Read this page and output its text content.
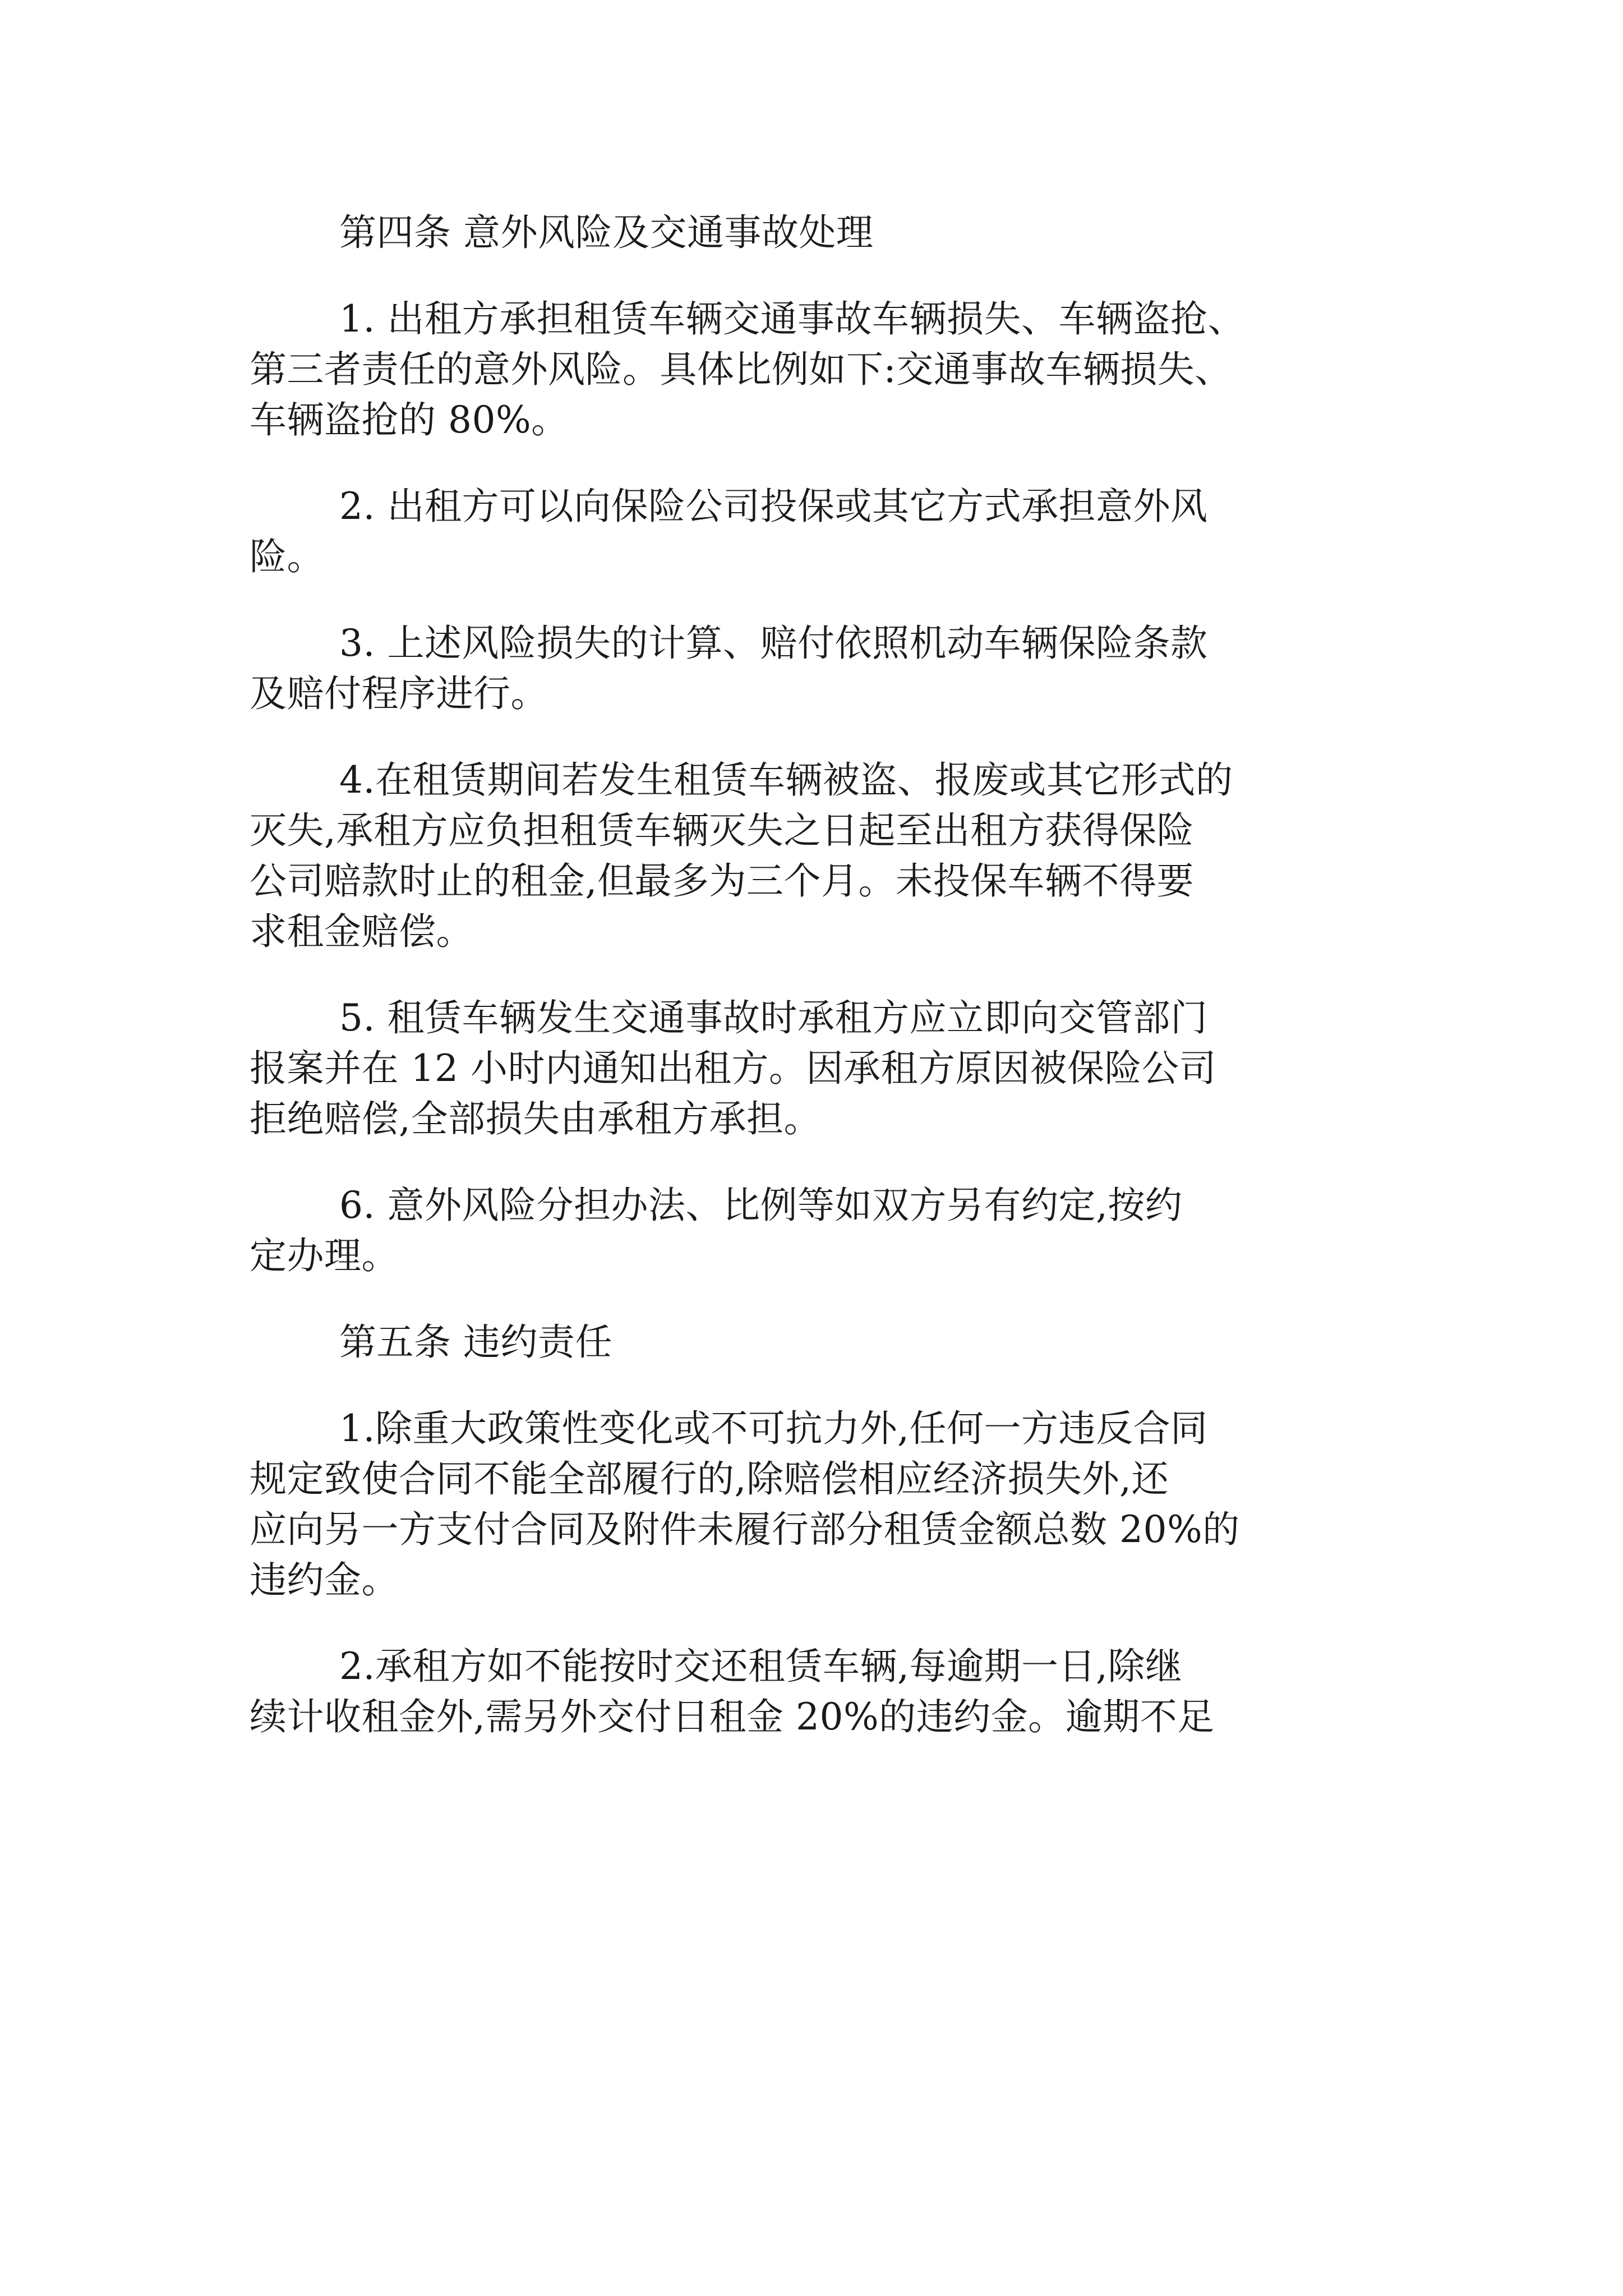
第四条 意外风险及交通事故处理
1. 出租方承担租赁车辆交通事故车辆损失、车辆盗抢、
第三者责任的意外风险。具体比例如下:交通事故车辆损失、
车辆盗抢的 80%。
2. 出租方可以向保险公司投保或其它方式承担意外风
险。
3. 上述风险损失的计算、赔付依照机动车辆保险条款
及赔付程序进行。
4.在租赁期间若发生租赁车辆被盗、报废或其它形式的
灭失,承租方应负担租赁车辆灭失之日起至出租方获得保险
公司赔款时止的租金,但最多为三个月。未投保车辆不得要
求租金赔偿。
5. 租赁车辆发生交通事故时承租方应立即向交管部门
报案并在 12 小时内通知出租方。因承租方原因被保险公司
拒绝赔偿,全部损失由承租方承担。
6. 意外风险分担办法、比例等如双方另有约定,按约
定办理。
第五条 违约责任
1.除重大政策性变化或不可抗力外,任何一方违反合同
规定致使合同不能全部履行的,除赔偿相应经济损失外,还
应向另一方支付合同及附件未履行部分租赁金额总数 20%的
违约金。
2.承租方如不能按时交还租赁车辆,每逾期一日,除继
续计收租金外,需另外交付日租金 20%的违约金。逾期不足
